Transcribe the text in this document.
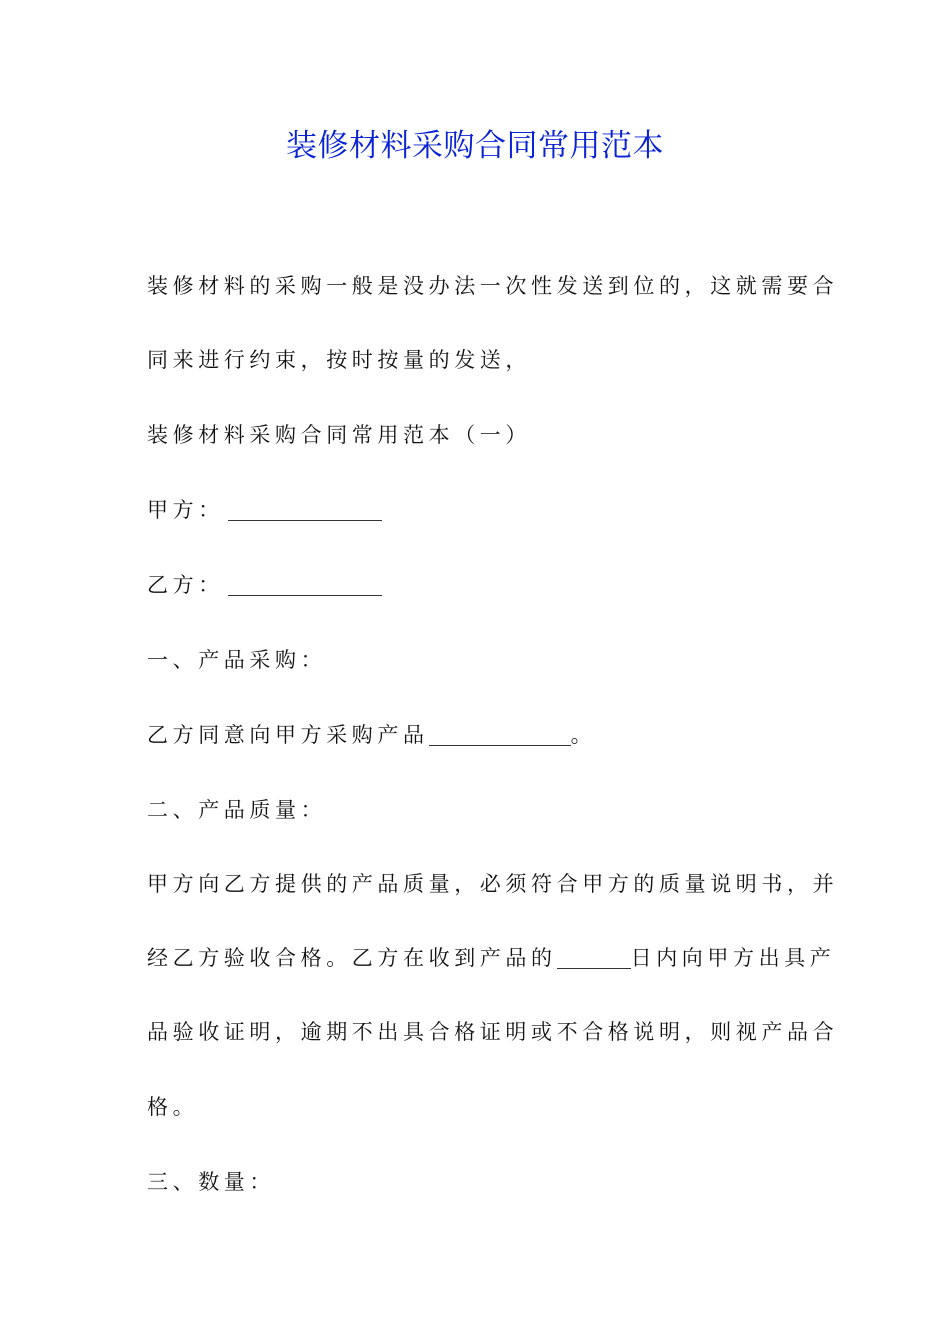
装修材料采购合同常用范本

装修材料的采购一般是没办法一次性发送到位的，这就需要合

同来进行约束，按时按量的发送，

装修材料采购合同常用范本（一）

甲方：

乙方：

一、产品采购：

乙方同意向甲方采购产品	。

二、产品质量：

甲方向乙方提供的产品质量，必须符合甲方的质量说明书，并

经乙方验收合格。乙方在收到产品的	日内向甲方出具产

品验收证明，逾期不出具合格证明或不合格说明，则视产品合

格。

三、数量：
